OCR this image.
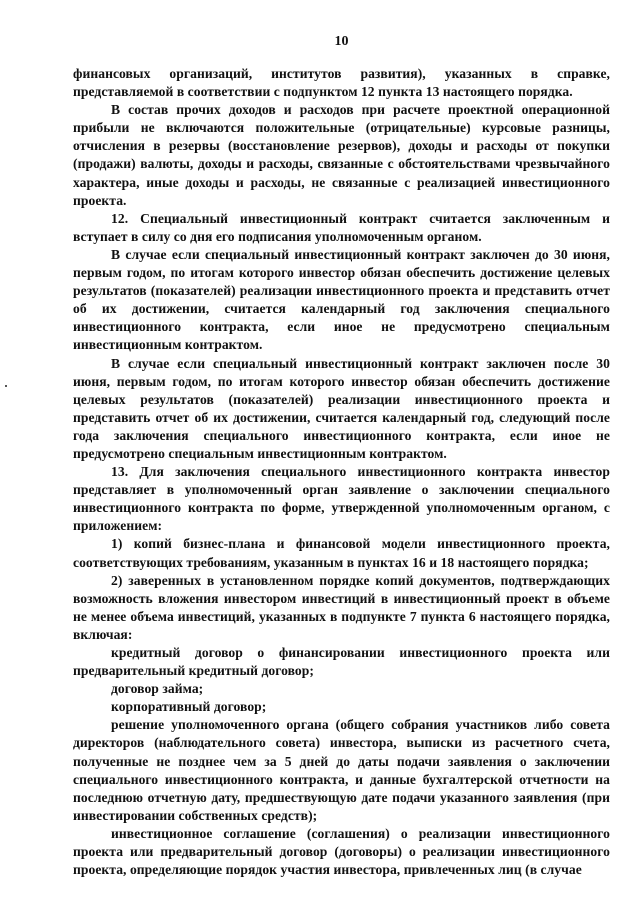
10

финансовых организаций, институтов развития), указанных в справке, представляемой в соответствии с подпунктом 12 пункта 13 настоящего порядка.

В состав прочих доходов и расходов при расчете проектной операционной прибыли не включаются положительные (отрицательные) курсовые разницы, отчисления в резервы (восстановление резервов), доходы и расходы от покупки (продажи) валюты, доходы и расходы, связанные с обстоятельствами чрезвычайного характера, иные доходы и расходы, не связанные с реализацией инвестиционного проекта.

12. Специальный инвестиционный контракт считается заключенным и вступает в силу со дня его подписания уполномоченным органом.

В случае если специальный инвестиционный контракт заключен до 30 июня, первым годом, по итогам которого инвестор обязан обеспечить достижение целевых результатов (показателей) реализации инвестиционного проекта и представить отчет об их достижении, считается календарный год заключения специального инвестиционного контракта, если иное не предусмотрено специальным инвестиционным контрактом.

В случае если специальный инвестиционный контракт заключен после 30 июня, первым годом, по итогам которого инвестор обязан обеспечить достижение целевых результатов (показателей) реализации инвестиционного проекта и представить отчет об их достижении, считается календарный год, следующий после года заключения специального инвестиционного контракта, если иное не предусмотрено специальным инвестиционным контрактом.

13. Для заключения специального инвестиционного контракта инвестор представляет в уполномоченный орган заявление о заключении специального инвестиционного контракта по форме, утвержденной уполномоченным органом, с приложением:

1) копий бизнес-плана и финансовой модели инвестиционного проекта, соответствующих требованиям, указанным в пунктах 16 и 18 настоящего порядка;

2) заверенных в установленном порядке копий документов, подтверждающих возможность вложения инвестором инвестиций в инвестиционный проект в объеме не менее объема инвестиций, указанных в подпункте 7 пункта 6 настоящего порядка, включая:

кредитный договор о финансировании инвестиционного проекта или предварительный кредитный договор;

договор займа;

корпоративный договор;

решение уполномоченного органа (общего собрания участников либо совета директоров (наблюдательного совета) инвестора, выписки из расчетного счета, полученные не позднее чем за 5 дней до даты подачи заявления о заключении специального инвестиционного контракта, и данные бухгалтерской отчетности на последнюю отчетную дату, предшествующую дате подачи указанного заявления (при инвестировании собственных средств);

инвестиционное соглашение (соглашения) о реализации инвестиционного проекта или предварительный договор (договоры) о реализации инвестиционного проекта, определяющие порядок участия инвестора, привлеченных лиц (в случае
